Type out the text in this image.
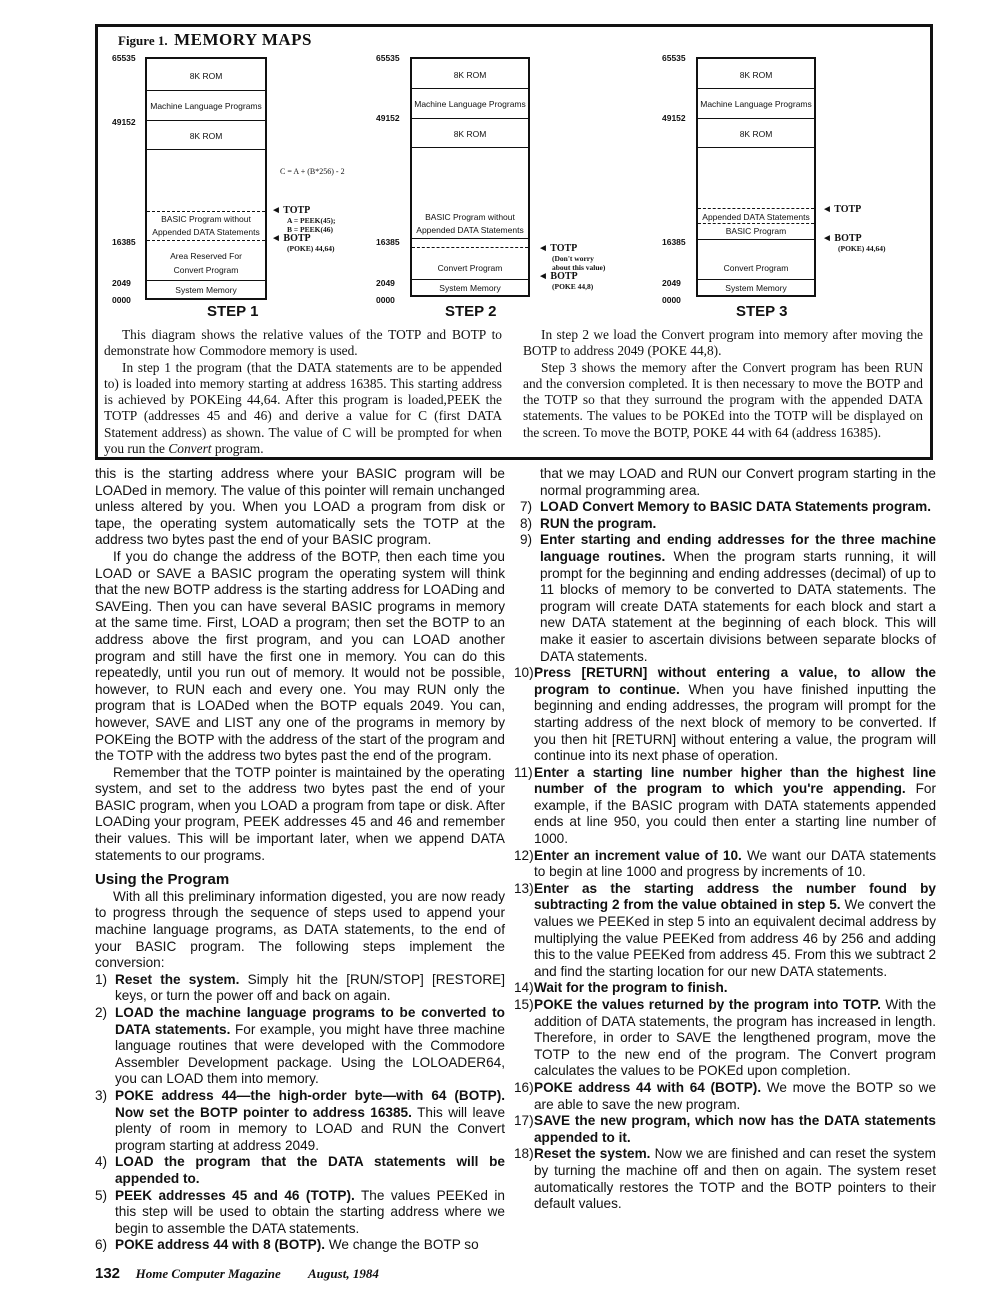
Figure 1. MEMORY MAPS
65535
49152
16385
2049
0000
8K ROM
Machine Language Programs
8K ROM
BASIC Program without
Appended DATA Statements
Area Reserved For
Convert Program
System Memory
C = A + (B*256) - 2
◄ TOTP
A = PEEK(45);
B = PEEK(46)
◄ BOTP
(POKE) 44,64)
STEP 1
65535
49152
16385
2049
0000
8K ROM
Machine Language Programs
8K ROM
BASIC Program without
Appended DATA Statements
Convert Program
System Memory
◄ TOTP
(Don't worry
about this value)
◄ BOTP
(POKE 44,8)
STEP 2
65535
49152
16385
2049
0000
8K ROM
Machine Language Programs
8K ROM
Appended DATA Statements
BASIC Program
Convert Program
System Memory
◄ TOTP
◄ BOTP
(POKE) 44,64)
STEP 3

This diagram shows the relative values of the TOTP and BOTP to demonstrate how Commodore memory is used.

In step 1 the program (that the DATA statements are to be appended to) is loaded into memory starting at address 16385. This starting address is achieved by POKEing 44,64. After this program is loaded,PEEK the TOTP (addresses 45 and 46) and derive a value for C (first DATA Statement address) as shown. The value of C will be prompted for when you run the Convert program.

In step 2 we load the Convert program into memory after moving the BOTP to address 2049 (POKE 44,8).

Step 3 shows the memory after the Convert program has been RUN and the conversion completed. It is then necessary to move the BOTP and the TOTP so that they surround the program with the appended DATA statements. The values to be POKEd into the TOTP will be displayed on the screen. To move the BOTP, POKE 44 with 64 (address 16385).

this is the starting address where your BASIC program will be LOADed in memory. The value of this pointer will remain unchanged unless altered by you. When you LOAD a program from disk or tape, the operating system automatically sets the TOTP at the address two bytes past the end of your BASIC program.

If you do change the address of the BOTP, then each time you LOAD or SAVE a BASIC program the operating system will think that the new BOTP address is the starting address for LOADing and SAVEing. Then you can have several BASIC programs in memory at the same time. First, LOAD a program; then set the BOTP to an address above the first program, and you can LOAD another program and still have the first one in memory. You can do this repeatedly, until you run out of memory. It would not be possible, however, to RUN each and every one. You may RUN only the program that is LOADed when the BOTP equals 2049. You can, however, SAVE and LIST any one of the programs in memory by POKEing the BOTP with the address of the start of the program and the TOTP with the address two bytes past the end of the program.

Remember that the TOTP pointer is maintained by the operating system, and set to the address two bytes past the end of your BASIC program, when you LOAD a program from tape or disk. After LOADing your program, PEEK addresses 45 and 46 and remember their values. This will be important later, when we append DATA statements to our programs.

Using the Program

With all this preliminary information digested, you are now ready to progress through the sequence of steps used to append your machine language programs, as DATA statements, to the end of your BASIC program. The following steps implement the conversion:

1) Reset the system. Simply hit the [RUN/STOP] [RESTORE] keys, or turn the power off and back on again.
2) LOAD the machine language programs to be converted to DATA statements. For example, you might have three machine language routines that were developed with the Commodore Assembler Development package. Using the LOLOADER64, you can LOAD them into memory.
3) POKE address 44—the high-order byte—with 64 (BOTP). Now set the BOTP pointer to address 16385. This will leave plenty of room in memory to LOAD and RUN the Convert program starting at address 2049.
4) LOAD the program that the DATA statements will be appended to.
5) PEEK addresses 45 and 46 (TOTP). The values PEEKed in this step will be used to obtain the starting address where we begin to assemble the DATA statements.
6) POKE address 44 with 8 (BOTP). We change the BOTP so

that we may LOAD and RUN our Convert program starting in the normal programming area.

7) LOAD Convert Memory to BASIC DATA Statements program.
8) RUN the program.
9) Enter starting and ending addresses for the three machine language routines. When the program starts running, it will prompt for the beginning and ending addresses (decimal) of up to 11 blocks of memory to be converted to DATA statements. The program will create DATA statements for each block and start a new DATA statement at the beginning of each block. This will make it easier to ascertain divisions between separate blocks of DATA statements.
10) Press [RETURN] without entering a value, to allow the program to continue. When you have finished inputting the beginning and ending addresses, the program will prompt for the starting address of the next block of memory to be converted. If you then hit [RETURN] without entering a value, the program will continue into its next phase of operation.
11) Enter a starting line number higher than the highest line number of the program to which you're appending. For example, if the BASIC program with DATA statements appended ends at line 950, you could then enter a starting line number of 1000.
12) Enter an increment value of 10. We want our DATA statements to begin at line 1000 and progress by increments of 10.
13) Enter as the starting address the number found by subtracting 2 from the value obtained in step 5. We convert the values we PEEKed in step 5 into an equivalent decimal address by multiplying the value PEEKed from address 46 by 256 and adding this to the value PEEKed from address 45. From this we subtract 2 and find the starting location for our new DATA statements.
14) Wait for the program to finish.
15) POKE the values returned by the program into TOTP. With the addition of DATA statements, the program has increased in length. Therefore, in order to SAVE the lengthened program, move the TOTP to the new end of the program. The Convert program calculates the values to be POKEd upon completion.
16) POKE address 44 with 64 (BOTP). We move the BOTP so we are able to save the new program.
17) SAVE the new program, which now has the DATA statements appended to it.
18) Reset the system. Now we are finished and can reset the system by turning the machine off and then on again. The system reset automatically restores the TOTP and the BOTP pointers to their default values.
132 Home Computer Magazine August, 1984
